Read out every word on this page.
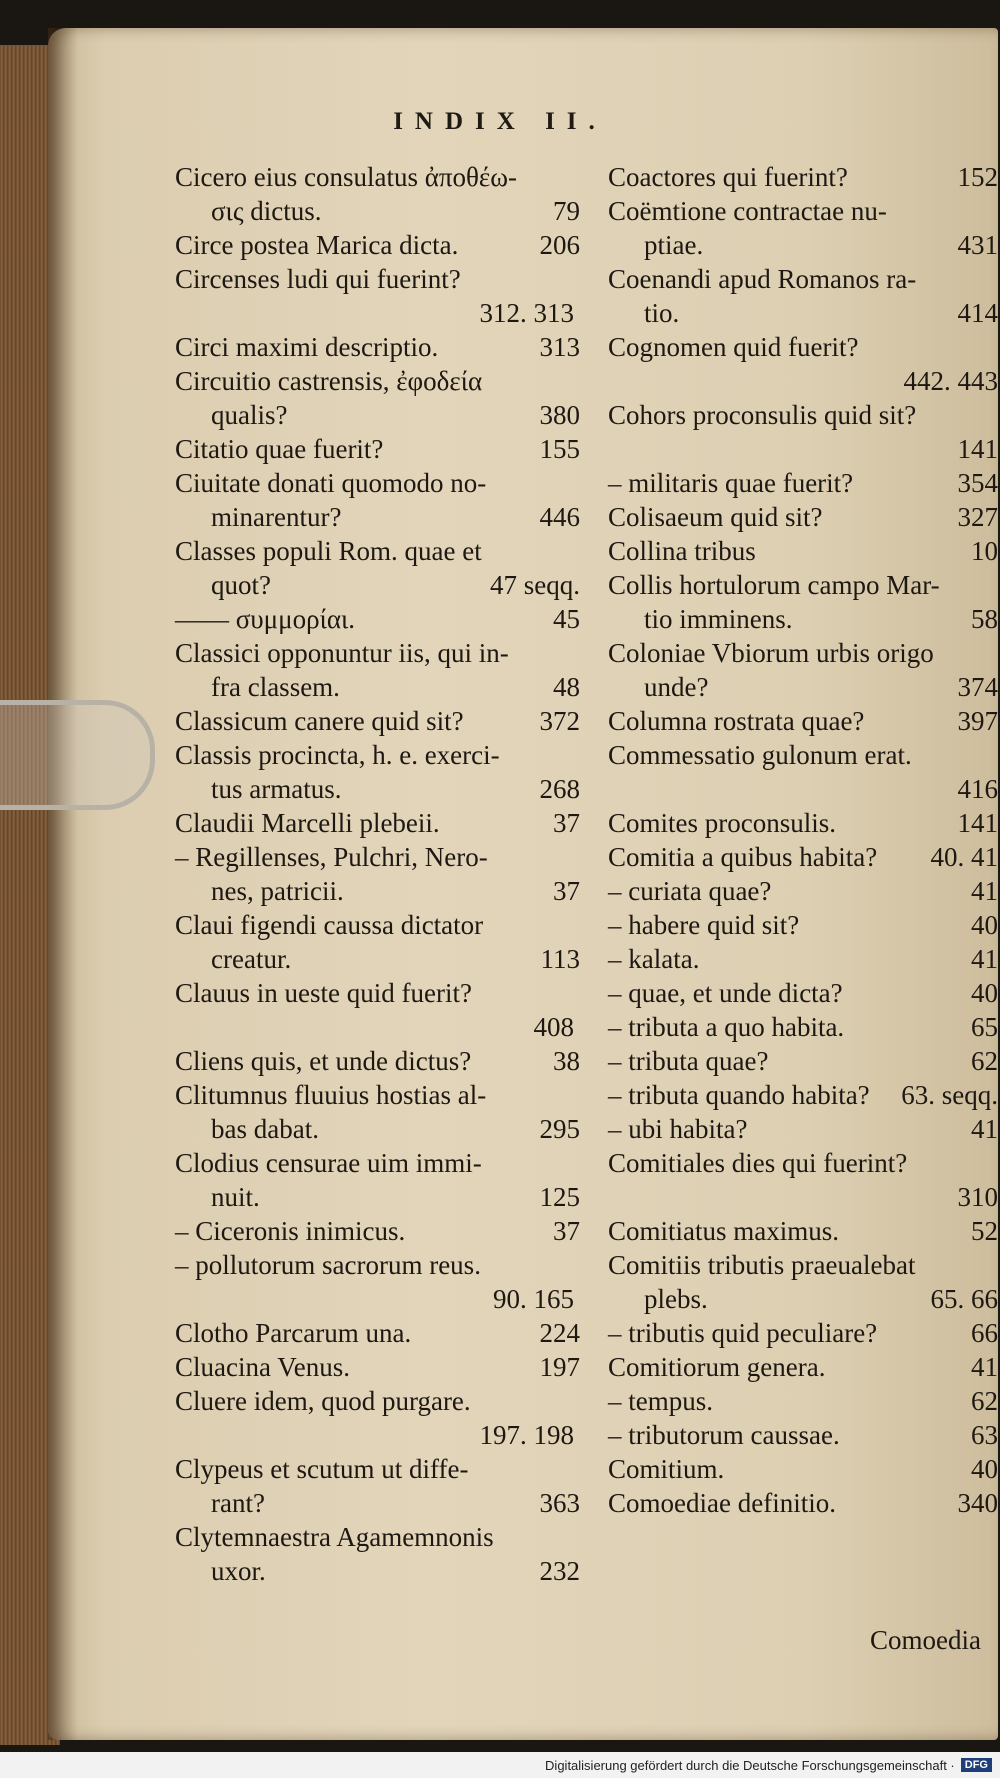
INDIX II.
Cicero eius consulatus ἀποθέω-
σις dictus.	79
Circe postea Marica dicta.	206
Circenses ludi qui fuerint?
312. 313
Circi maximi descriptio.	313
Circuitio castrensis, ἐφοδεία
qualis?	380
Citatio quae fuerit?	155
Ciuitate donati quomodo no-
minarentur?	446
Classes populi Rom. quae et
quot?	47 seqq.
—— συμμορίαι.	45
Classici opponuntur iis, qui in-
fra classem.	48
Classicum canere quid sit?	372
Classis procincta, h. e. exerci-
tus armatus.	268
Claudii Marcelli plebeii.	37
– Regillenses, Pulchri, Nero-
nes, patricii.	37
Claui figendi caussa dictator
creatur.	113
Clauus in ueste quid fuerit?
408
Cliens quis, et unde dictus?	38
Clitumnus fluuius hostias al-
bas dabat.	295
Clodius censurae uim immi-
nuit.	125
– Ciceronis inimicus.	37
– pollutorum sacrorum reus.
90. 165
Clotho Parcarum una.	224
Cluacina Venus.	197
Cluere idem, quod purgare.
197. 198
Clypeus et scutum ut diffe-
rant?	363
Clytemnaestra Agamemnonis
uxor.	232
Coactores qui fuerint?	152
Coëmtione contractae nu-
ptiae.	431
Coenandi apud Romanos ra-
tio.	414
Cognomen quid fuerit?
442. 443
Cohors proconsulis quid sit?
141
– militaris quae fuerit?	354
Colisaeum quid sit?	327
Collina tribus	10
Collis hortulorum campo Mar-
tio imminens.	58
Coloniae Vbiorum urbis origo
unde?	374
Columna rostrata quae?	397
Commessatio gulonum erat.
416
Comites proconsulis.	141
Comitia a quibus habita? 40. 41
– curiata quae?	41
– habere quid sit?	40
– kalata.	41
– quae, et unde dicta?	40
– tributa a quo habita.	65
– tributa quae?	62
– tributa quando habita? 63. seqq.
– ubi habita?	41
Comitiales dies qui fuerint?
310
Comitiatus maximus.	52
Comitiis tributis praeualebat
plebs.	65. 66
– tributis quid peculiare?	66
Comitiorum genera.	41
– tempus.	62
– tributorum caussae.	63
Comitium.	40
Comoediae definitio.	340
Comoedia
Digitalisierung gefördert durch die Deutsche Forschungsgemeinschaft · DFG
